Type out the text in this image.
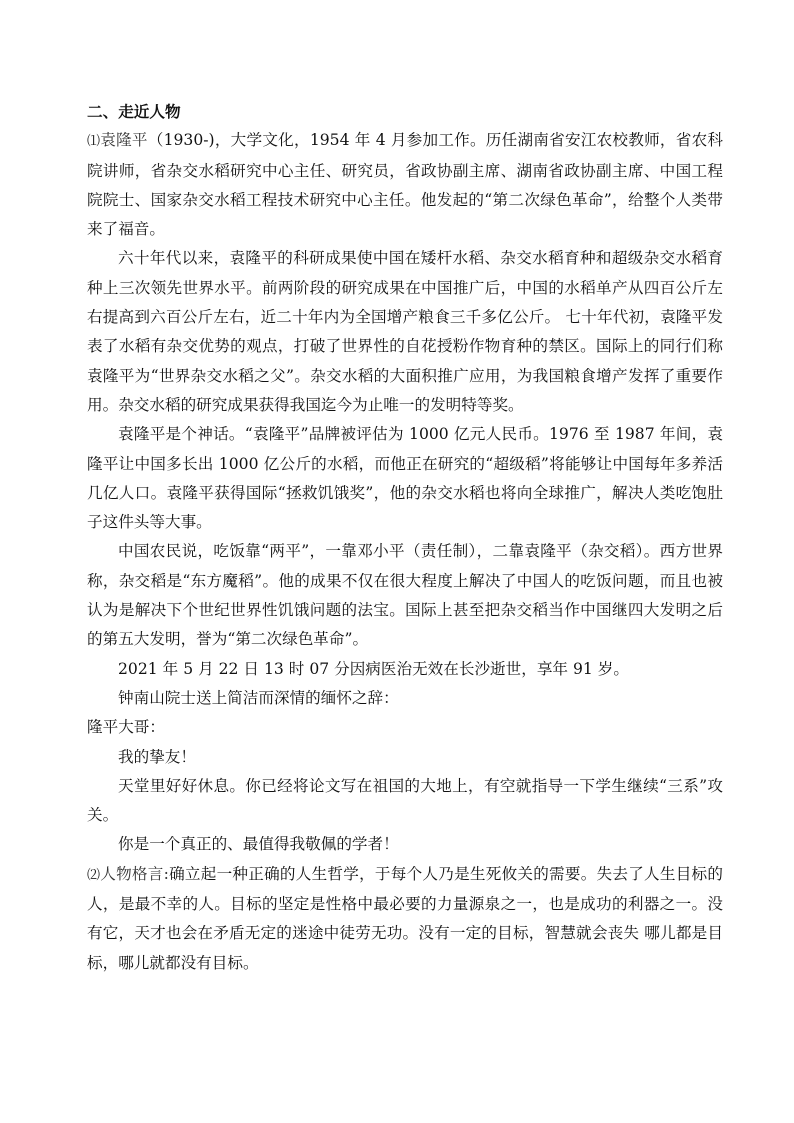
二、走近人物

⑴袁隆平（1930-)，大学文化，1954 年 4 月参加工作。历任湖南省安江农校教师，省农科院讲师，省杂交水稻研究中心主任、研究员，省政协副主席、湖南省政协副主席、中国工程院院士、国家杂交水稻工程技术研究中心主任。他发起的“第二次绿色革命”，给整个人类带来了福音。

六十年代以来，袁隆平的科研成果使中国在矮杆水稻、杂交水稻育种和超级杂交水稻育种上三次领先世界水平。前两阶段的研究成果在中国推广后，中国的水稻单产从四百公斤左右提高到六百公斤左右，近二十年内为全国增产粮食三千多亿公斤。 七十年代初，袁隆平发表了水稻有杂交优势的观点，打破了世界性的自花授粉作物育种的禁区。国际上的同行们称袁隆平为“世界杂交水稻之父”。杂交水稻的大面积推广应用，为我国粮食增产发挥了重要作用。杂交水稻的研究成果获得我国迄今为止唯一的发明特等奖。

袁隆平是个神话。“袁隆平”品牌被评估为 1000 亿元人民币。1976 至 1987 年间，袁隆平让中国多长出 1000 亿公斤的水稻，而他正在研究的“超级稻”将能够让中国每年多养活几亿人口。袁隆平获得国际“拯救饥饿奖”，他的杂交水稻也将向全球推广，解决人类吃饱肚子这件头等大事。

中国农民说，吃饭靠“两平”，一靠邓小平（责任制），二靠袁隆平（杂交稻）。西方世界称，杂交稻是“东方魔稻”。他的成果不仅在很大程度上解决了中国人的吃饭问题，而且也被认为是解决下个世纪世界性饥饿问题的法宝。国际上甚至把杂交稻当作中国继四大发明之后的第五大发明，誉为“第二次绿色革命”。

2021 年 5 月 22 日 13 时 07 分因病医治无效在长沙逝世，享年 91 岁。

钟南山院士送上简洁而深情的缅怀之辞：

隆平大哥：

我的挚友！

天堂里好好休息。你已经将论文写在祖国的大地上，有空就指导一下学生继续“三系”攻关。

你是一个真正的、最值得我敬佩的学者！

⑵人物格言:确立起一种正确的人生哲学，于每个人乃是生死攸关的需要。失去了人生目标的人，是最不幸的人。目标的坚定是性格中最必要的力量源泉之一，也是成功的利器之一。没有它，天才也会在矛盾无定的迷途中徒劳无功。没有一定的目标，智慧就会丧失 哪儿都是目标，哪儿就都没有目标。
